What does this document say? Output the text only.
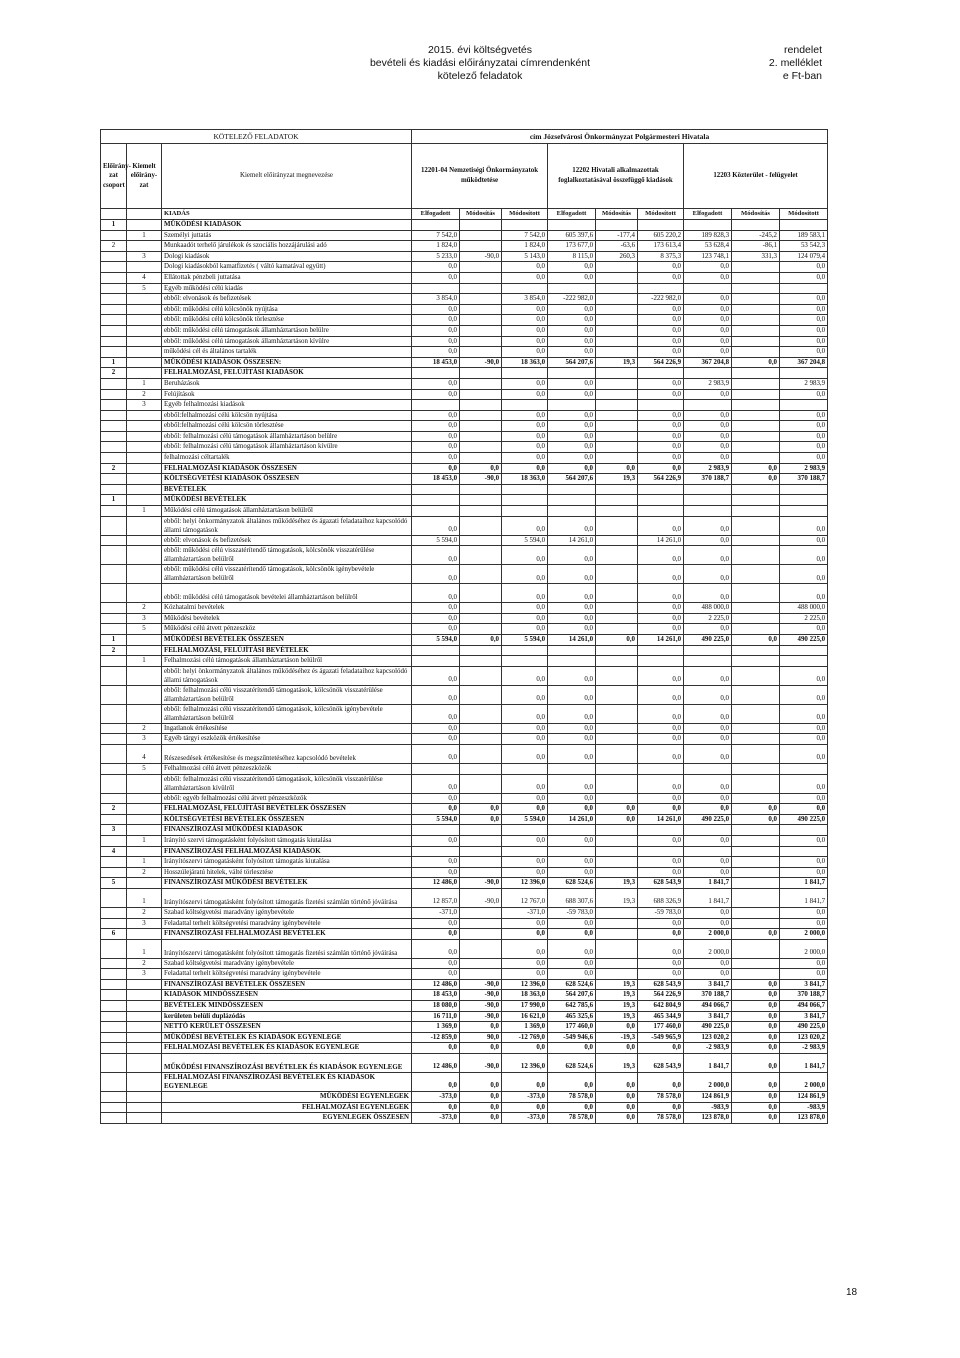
2015. évi költségvetés
bevételi és kiadási előirányzatai címrendenként
kötelező feladatok
rendelet
2. melléklet
e Ft-ban
KÖTELEZŐ FELADATOK			cím Józsefvárosi Önkormányzat Polgármesteri Hivatala								
Előirány-zat csoport	Kiemelt előirány-zat	Kiemelt előirányzat megnevezése	12201-04 Nemzetiségi Önkormányzatok működtetése			12202 Hivatali alkalmazottak foglalkoztatásával összefüggő kiadások			12203 Közterület - felügyelet		
		KIADÁS	Elfogadott	Módosítás	Módosított	Elfogadott	Módosítás	Módosított	Elfogadott	Módosítás	Módosított
1		MŰKÖDÉSI KIADÁSOK									
	1	Személyi juttatás	7 542,0		7 542,0	605 397,6	-177,4	605 220,2	189 828,3	-245,2	189 583,1
2		Munkaadót terhelő járulékok és szociális hozzájárulási adó	1 824,0		1 824,0	173 677,0	-63,6	173 613,4	53 628,4	-86,1	53 542,3
	3	Dologi kiadások	5 233,0	-90,0	5 143,0	8 115,0	260,3	8 375,3	123 748,1	331,3	124 079,4
		Dologi kiadásokból kamatfizetés ( váltó kamatával együtt)	0,0		0,0	0,0		0,0	0,0		0,0
	4	Ellátottak pénzbeli juttatása	0,0		0,0	0,0		0,0	0,0		0,0
	5	Egyéb működési célú kiadás									
		ebből: elvonások és befizetések	3 854,0		3 854,0	-222 982,0		-222 982,0	0,0		0,0
		ebből: működési célú kölcsönök nyújtása	0,0		0,0	0,0		0,0	0,0		0,0
		ebből: működési célú kölcsönök törlesztése	0,0		0,0	0,0		0,0	0,0		0,0
		ebből: működési célú támogatások államháztartáson belülre	0,0		0,0	0,0		0,0	0,0		0,0
		ebből: működési célú támogatások államháztartáson kívülre	0,0		0,0	0,0		0,0	0,0		0,0
		működési cél és általános tartalék	0,0		0,0	0,0		0,0	0,0		0,0
1		MŰKÖDÉSI KIADÁSOK ÖSSZESEN:	18 453,0	-90,0	18 363,0	564 207,6	19,3	564 226,9	367 204,8	0,0	367 204,8
2		FELHALMOZÁSI, FELÚJÍTÁSI KIADÁSOK									
	1	Beruházások	0,0		0,0	0,0		0,0	2 983,9		2 983,9
	2	Felújítások	0,0		0,0	0,0		0,0	0,0		0,0
	3	Egyéb felhalmozási kiadások									
		ebből:felhalmozási célú kölcsön nyújtása	0,0		0,0	0,0		0,0	0,0		0,0
		ebből:felhalmozási célú kölcsön törlesztése	0,0		0,0	0,0		0,0	0,0		0,0
		ebből: felhalmozási célú támogatások államháztartáson belülre	0,0		0,0	0,0		0,0	0,0		0,0
		ebből: felhalmozási célú támogatások államháztartáson kívülre	0,0		0,0	0,0		0,0	0,0		0,0
		felhalmozási céltartalék	0,0		0,0	0,0		0,0	0,0		0,0
2		FELHALMOZÁSI KIADÁSOK ÖSSZESEN	0,0	0,0	0,0	0,0	0,0	0,0	2 983,9	0,0	2 983,9
		KÖLTSÉGVETÉSI KIADÁSOK ÖSSZESEN	18 453,0	-90,0	18 363,0	564 207,6	19,3	564 226,9	370 188,7	0,0	370 188,7
		BEVÉTELEK									
1		MŰKÖDÉSI BEVÉTELEK									
	1	Működési célú támogatások államháztartáson belülről									
		ebből: helyi önkormányzatok általános működéséhez és ágazati feladataihoz kapcsolódó állami támogatások	0,0		0,0	0,0		0,0	0,0		0,0
		ebből: elvonások és befizetések	5 594,0		5 594,0	14 261,0		14 261,0	0,0		0,0
		ebből: működési célú visszatérítendő támogatások, kölcsönök visszatérülése államháztartáson belülről	0,0		0,0	0,0		0,0	0,0		0,0
		ebből: működési célú visszatérítendő támogatások, kölcsönök igénybevétele államháztartáson belülről	0,0		0,0	0,0		0,0	0,0		0,0
		ebből: működési célú támogatások bevételei államháztartáson belülről	0,0		0,0	0,0		0,0	0,0		0,0
	2	Közhatalmi bevételek	0,0		0,0	0,0		0,0	488 000,0		488 000,0
	3	Működési bevételek	0,0		0,0	0,0		0,0	2 225,0		2 225,0
	5	Működési célú átvett pénzeszköz	0,0		0,0	0,0		0,0	0,0		0,0
1		MŰKÖDÉSI BEVÉTELEK ÖSSZESEN	5 594,0	0,0	5 594,0	14 261,0	0,0	14 261,0	490 225,0	0,0	490 225,0
2		FELHALMOZÁSI, FELÚJÍTÁSI BEVÉTELEK									
	1	Felhalmozási célú támogatások államháztartáson belülről									
		ebből: helyi önkormányzatok általános működéséhez és ágazati feladataihoz kapcsolódó állami támogatások	0,0		0,0	0,0		0,0	0,0		0,0
		ebből: felhalmozási célú visszatérítendő támogatások, kölcsönök visszatérülése államháztartáson belülről	0,0		0,0	0,0		0,0	0,0		0,0
		ebből: felhalmozási célú visszatérítendő támogatások, kölcsönök igénybevétele államháztartáson belülről	0,0		0,0	0,0		0,0	0,0		0,0
	2	Ingatlanok értékesítése	0,0		0,0	0,0		0,0	0,0		0,0
	3	Egyéb tárgyi eszközök értékesítése	0,0		0,0	0,0		0,0	0,0		0,0
	4	Részesedések értékesítése és megszűntetéséhez kapcsolódó bevételek	0,0		0,0	0,0		0,0	0,0		0,0
	5	Felhalmozási célú átvett pénzeszközök									
		ebből: felhalmozási célú visszatérítendő támogatások, kölcsönök visszatérülése államháztartáson kívülről	0,0		0,0	0,0		0,0	0,0		0,0
		ebből: egyéb felhalmozási célú átvett pénzeszközök	0,0		0,0	0,0		0,0	0,0		0,0
2		FELHALMOZÁSI, FELÚJÍTÁSI BEVÉTELEK ÖSSZESEN	0,0	0,0	0,0	0,0	0,0	0,0	0,0	0,0	0,0
		KÖLTSÉGVETÉSI BEVÉTELEK ÖSSZESEN	5 594,0	0,0	5 594,0	14 261,0	0,0	14 261,0	490 225,0	0,0	490 225,0
3		FINANSZÍROZÁSI MŰKÖDÉSI KIADÁSOK									
	1	Irányító szervi támogatásként folyósított támogatás kiutalása	0,0		0,0	0,0		0,0	0,0		0,0
4		FINANSZÍROZÁSI FELHALMOZÁSI KIADÁSOK									
	1	Irányítószervi támogatásként folyósított támogatás kiutalása	0,0		0,0	0,0		0,0	0,0		0,0
	2	Hosszúlejáratú hitelek, válté törlesztése	0,0		0,0	0,0		0,0	0,0		0,0
5		FINANSZÍROZÁSI MŰKÖDÉSI BEVÉTELEK	12 486,0	-90,0	12 396,0	628 524,6	19,3	628 543,9	1 841,7		1 841,7
	1	Irányítószervi támogatásként folyósított támogatás fizetési számlán történő jóváírása	12 857,0	-90,0	12 767,0	688 307,6	19,3	688 326,9	1 841,7		1 841,7
	2	Szabad költségvetési maradvány igénybevétele	-371,0		-371,0	-59 783,0		-59 783,0	0,0		0,0
	3	Feladattal terhelt költségvetési maradvány igénybevétele	0,0		0,0	0,0		0,0	0,0		0,0
6		FINANSZÍROZÁSI FELHALMOZÁSI BEVÉTELEK	0,0		0,0	0,0		0,0	2 000,0	0,0	2 000,0
	1	Irányítószervi támogatásként folyósított támogatás fizetési számlán történő jóváírása	0,0		0,0	0,0		0,0	2 000,0		2 000,0
	2	Szabad költségvetési maradvány igénybevétele	0,0		0,0	0,0		0,0	0,0		0,0
	3	Feladattal terhelt költségvetési maradvány igénybevétele	0,0		0,0	0,0		0,0	0,0		0,0
		FINANSZÍROZÁSI BEVÉTELEK ÖSSZESEN	12 486,0	-90,0	12 396,0	628 524,6	19,3	628 543,9	3 841,7	0,0	3 841,7
		KIADÁSOK MINDÖSSZESEN	18 453,0	-90,0	18 363,0	564 207,6	19,3	564 226,9	370 188,7	0,0	370 188,7
		BEVÉTELEK MINDÖSSZESEN	18 080,0	-90,0	17 990,0	642 785,6	19,3	642 804,9	494 066,7	0,0	494 066,7
		kerületen belüli duplázódás	16 711,0	-90,0	16 621,0	465 325,6	19,3	465 344,9	3 841,7	0,0	3 841,7
		NETTÓ KERÜLET ÖSSZESEN	1 369,0	0,0	1 369,0	177 460,0	0,0	177 460,0	490 225,0	0,0	490 225,0
		MŰKÖDÉSI BEVÉTELEK ÉS KIADÁSOK EGYENLEGE	-12 859,0	90,0	-12 769,0	-549 946,6	-19,3	-549 965,9	123 020,2	0,0	123 020,2
		FELHALMOZÁSI BEVÉTELEK ÉS KIADÁSOK EGYENLEGE	0,0	0,0	0,0	0,0	0,0	0,0	-2 983,9	0,0	-2 983,9
		MŰKÖDÉSI FINANSZÍROZÁSI BEVÉTELEK ÉS KIADÁSOK EGYENLEGE	12 486,0	-90,0	12 396,0	628 524,6	19,3	628 543,9	1 841,7	0,0	1 841,7
		FELHALMOZÁSI FINANSZÍROZÁSI BEVÉTELEK ÉS KIADÁSOK EGYENLEGE	0,0	0,0	0,0	0,0	0,0	0,0	2 000,0	0,0	2 000,0
		MŰKÖDÉSI EGYENLEGEK	-373,0	0,0	-373,0	78 578,0	0,0	78 578,0	124 861,9	0,0	124 861,9
		FELHALMOZÁSI EGYENLEGEK	0,0	0,0	0,0	0,0	0,0	0,0	-983,9	0,0	-983,9
		EGYENLEGEK ÖSSZESEN	-373,0	0,0	-373,0	78 578,0	0,0	78 578,0	123 878,0	0,0	123 878,0
18
